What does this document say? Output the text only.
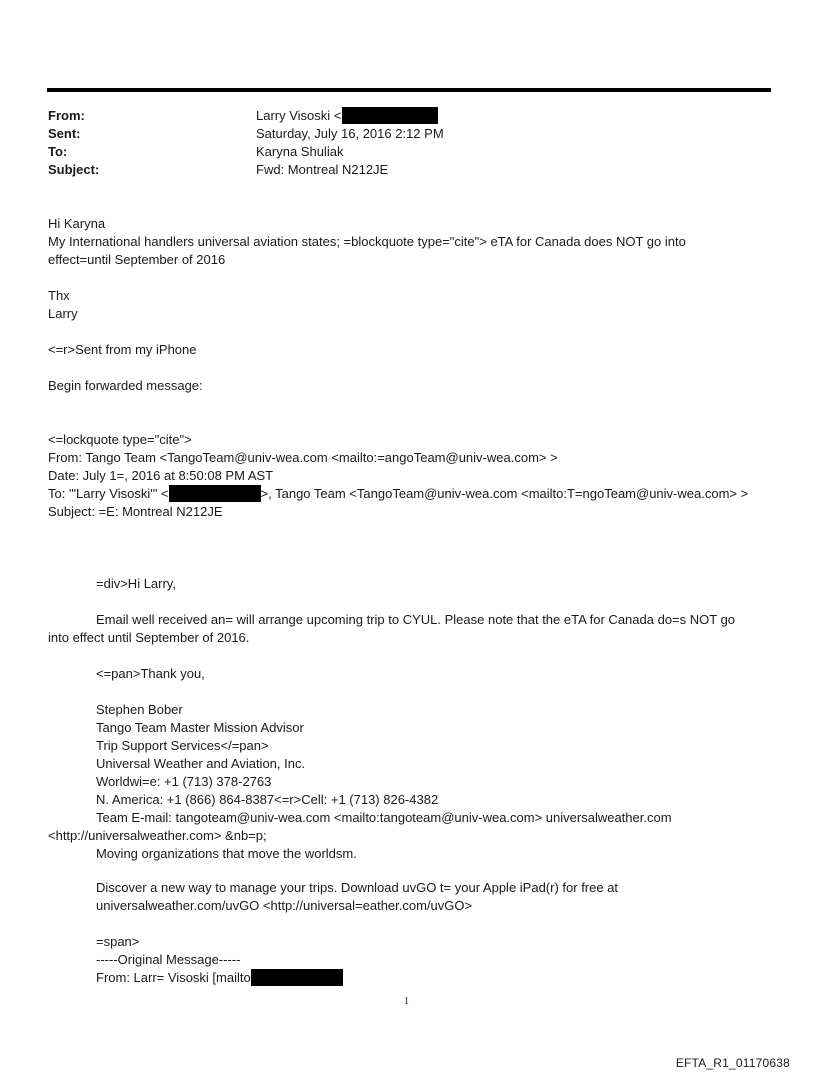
From:	Larry Visoski <
Sent:	Saturday, July 16, 2016 2:12 PM
To:	Karyna Shuliak
Subject:	Fwd: Montreal N212JE
Hi Karyna
My International handlers universal aviation states; =blockquote type="cite"> eTA for Canada does NOT go into
effect=until September of 2016
Thx
Larry
<=r>Sent from my iPhone
Begin forwarded message:
<=lockquote type="cite">
From: Tango Team <TangoTeam@univ-wea.com <mailto:=angoTeam@univ-wea.com> >
Date: July 1=, 2016 at 8:50:08 PM AST
To: "'Larry Visoski'" <	>, Tango Team <TangoTeam@univ-wea.com <mailto:T=ngoTeam@univ-wea.com> >
Subject: =E: Montreal N212JE
=div>Hi Larry,
Email well received an= will arrange upcoming trip to CYUL. Please note that the eTA for Canada do=s NOT go
into effect until September of 2016.
<=pan>Thank you,
Stephen Bober
Tango Team Master Mission Advisor
Trip Support Services</=pan>
Universal Weather and Aviation, Inc.
Worldwi=e: +1 (713) 378-2763
N. America: +1 (866) 864-8387<=r>Cell: +1 (713) 826-4382
Team E-mail: tangoteam@univ-wea.com <mailto:tangoteam@univ-wea.com> universalweather.com
<http://universalweather.com> &nb=p;
Moving organizations that move the worldsm.
Discover a new way to manage your trips. Download uvGO t= your Apple iPad(r) for free at
universalweather.com/uvGO <http://universal=eather.com/uvGO>
=span>
-----Original Message-----
From: Larr= Visoski [mailto
1
EFTA_R1_01170638
